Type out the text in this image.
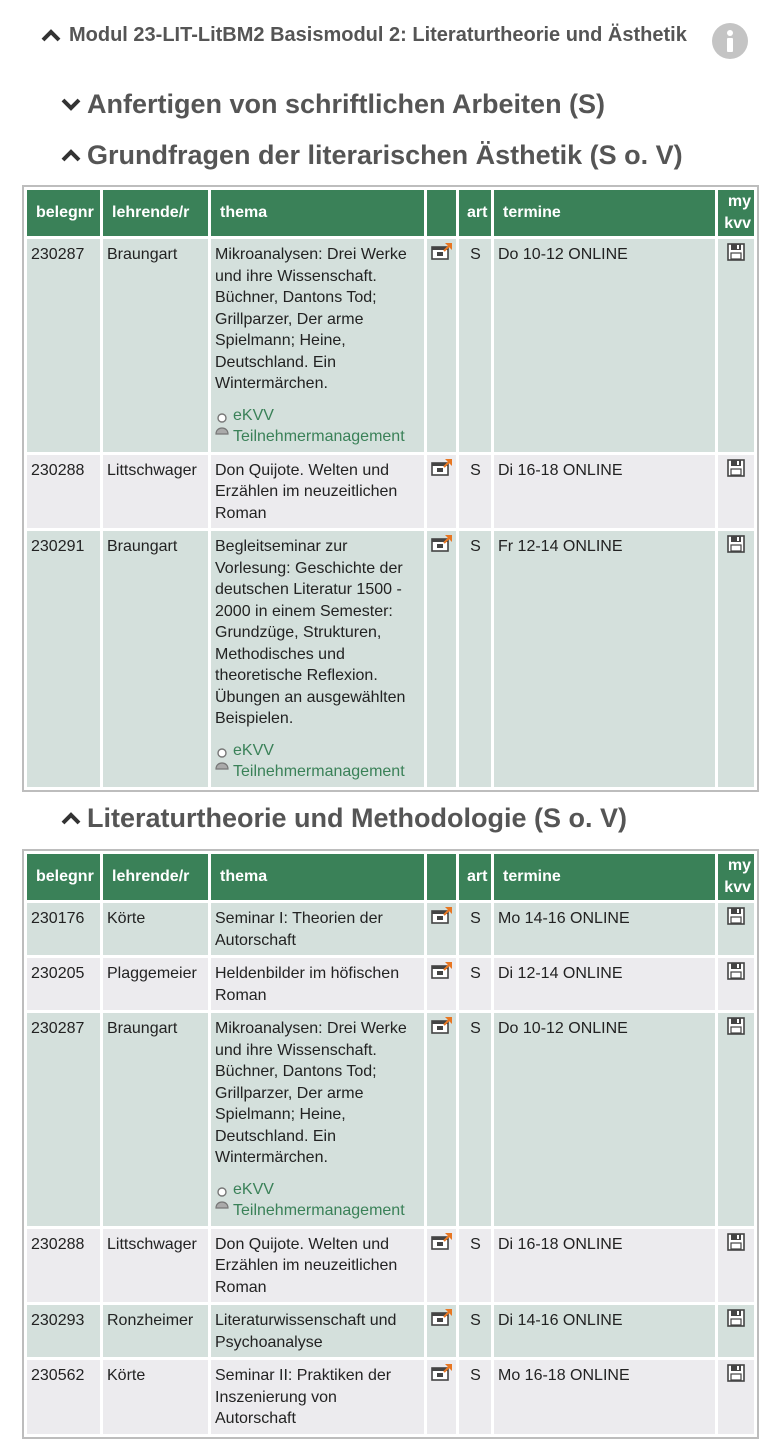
Modul 23-LIT-LitBM2 Basismodul 2: Literaturtheorie und Ästhetik
Anfertigen von schriftlichen Arbeiten (S)
Grundfragen der literarischen Ästhetik (S o. V)
Literaturtheorie und Methodologie (S o. V)
belegnr	lehrende/r	thema		art	termine	my
kvv
230287	Braungart	Mikroanalysen: Drei Werke und ihre Wissenschaft. Büchner, Dantons Tod; Grillparzer, Der arme Spielmann; Heine, Deutschland. Ein Wintermärchen.
eKVV
Teilnehmermanagement		S	Do 10-12 ONLINE	
230288	Littschwager	Don Quijote. Welten und Erzählen im neuzeitlichen Roman		S	Di 16-18 ONLINE	
230291	Braungart	Begleitseminar zur Vorlesung: Geschichte der deutschen Literatur 1500 - 2000 in einem Semester: Grundzüge, Strukturen, Methodisches und theoretische Reflexion. Übungen an ausgewählten Beispielen.
eKVV
Teilnehmermanagement		S	Fr 12-14 ONLINE	
belegnr	lehrende/r	thema		art	termine	my
kvv
230176	Körte	Seminar I: Theorien der Autorschaft		S	Mo 14-16 ONLINE	
230205	Plaggemeier	Heldenbilder im höfischen Roman		S	Di 12-14 ONLINE	
230287	Braungart	Mikroanalysen: Drei Werke und ihre Wissenschaft. Büchner, Dantons Tod; Grillparzer, Der arme Spielmann; Heine, Deutschland. Ein Wintermärchen.
eKVV
Teilnehmermanagement		S	Do 10-12 ONLINE	
230288	Littschwager	Don Quijote. Welten und Erzählen im neuzeitlichen Roman		S	Di 16-18 ONLINE	
230293	Ronzheimer	Literaturwissenschaft und Psychoanalyse		S	Di 14-16 ONLINE	
230562	Körte	Seminar II: Praktiken der Inszenierung von Autorschaft		S	Mo 16-18 ONLINE	
